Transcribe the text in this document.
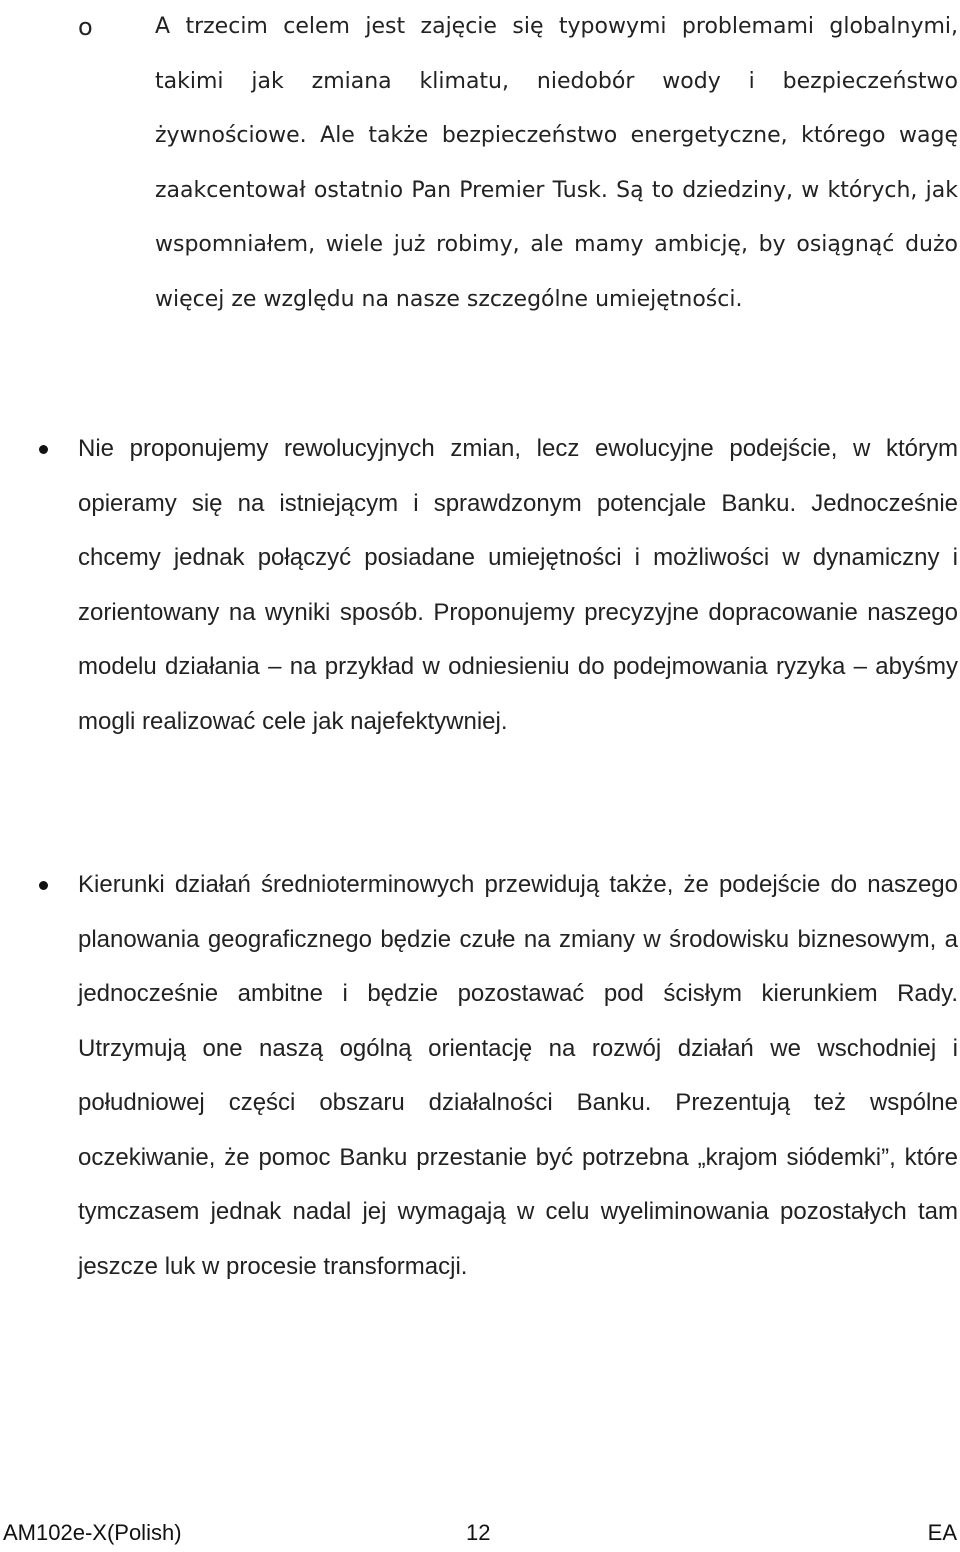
o	A trzecim celem jest zajęcie się typowymi problemami globalnymi, takimi jak zmiana klimatu, niedobór wody i bezpieczeństwo żywnościowe. Ale także bezpieczeństwo energetyczne, którego wagę zaakcentował ostatnio Pan Premier Tusk. Są to dziedziny, w których, jak wspomniałem, wiele już robimy, ale mamy ambicję, by osiągnąć dużo więcej ze względu na nasze szczególne umiejętności.
Nie proponujemy rewolucyjnych zmian, lecz ewolucyjne podejście, w którym opieramy się na istniejącym i sprawdzonym potencjale Banku. Jednocześnie chcemy jednak połączyć posiadane umiejętności i możliwości w dynamiczny i zorientowany na wyniki sposób. Proponujemy precyzyjne dopracowanie naszego modelu działania – na przykład w odniesieniu do podejmowania ryzyka – abyśmy mogli realizować cele jak najefektywniej.
Kierunki działań średnioterminowych przewidują także, że podejście do naszego planowania geograficznego będzie czułe na zmiany w środowisku biznesowym, a jednocześnie ambitne i będzie pozostawać pod ścisłym kierunkiem Rady. Utrzymują one naszą ogólną orientację na rozwój działań we wschodniej i południowej części obszaru działalności Banku. Prezentują też wspólne oczekiwanie, że pomoc Banku przestanie być potrzebna „krajom siódemki”, które tymczasem jednak nadal jej wymagają w celu wyeliminowania pozostałych tam jeszcze luk w procesie transformacji.
AM102e-X(Polish)	12	EA
